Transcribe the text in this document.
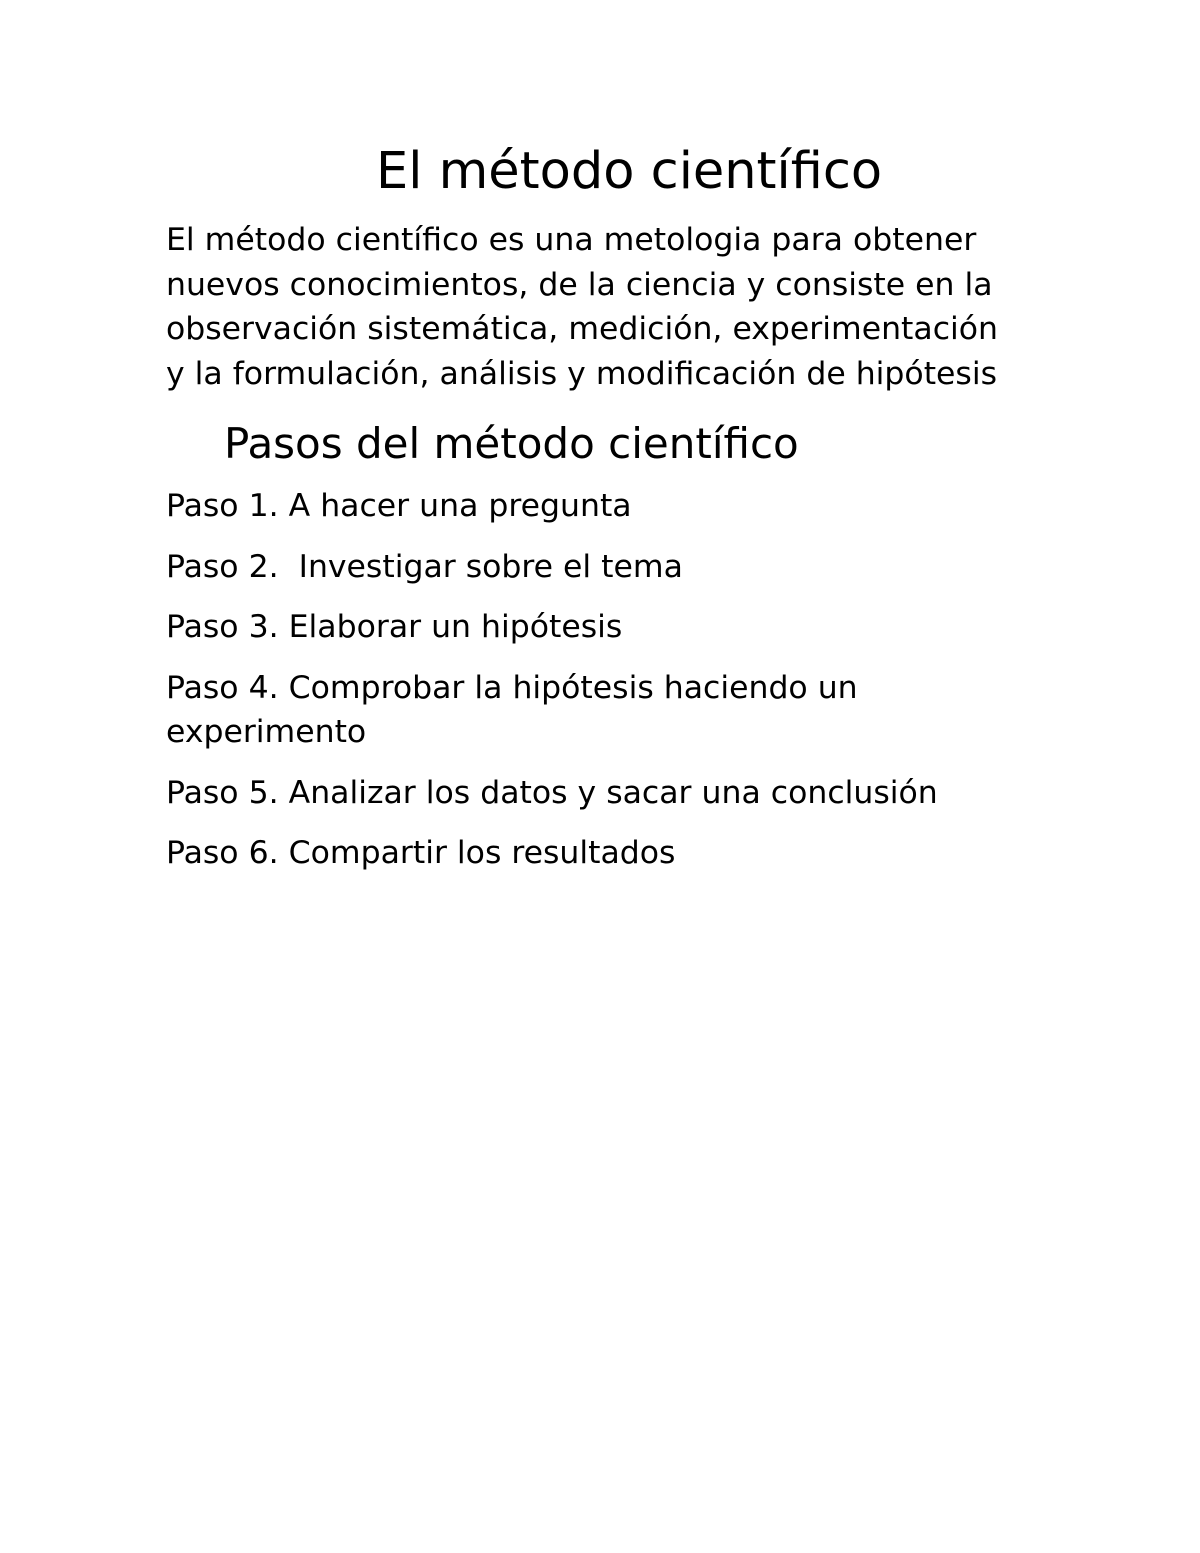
El método científico

El método científico es una metologia para obtener nuevos conocimientos, de la ciencia y consiste en la observación sistemática, medición, experimentación y la formulación, análisis y modificación de hipótesis

Pasos del método científico
Paso 1. A hacer una pregunta
Paso 2.  Investigar sobre el tema
Paso 3. Elaborar un hipótesis
Paso 4. Comprobar la hipótesis haciendo un experimento
Paso 5. Analizar los datos y sacar una conclusión
Paso 6. Compartir los resultados
